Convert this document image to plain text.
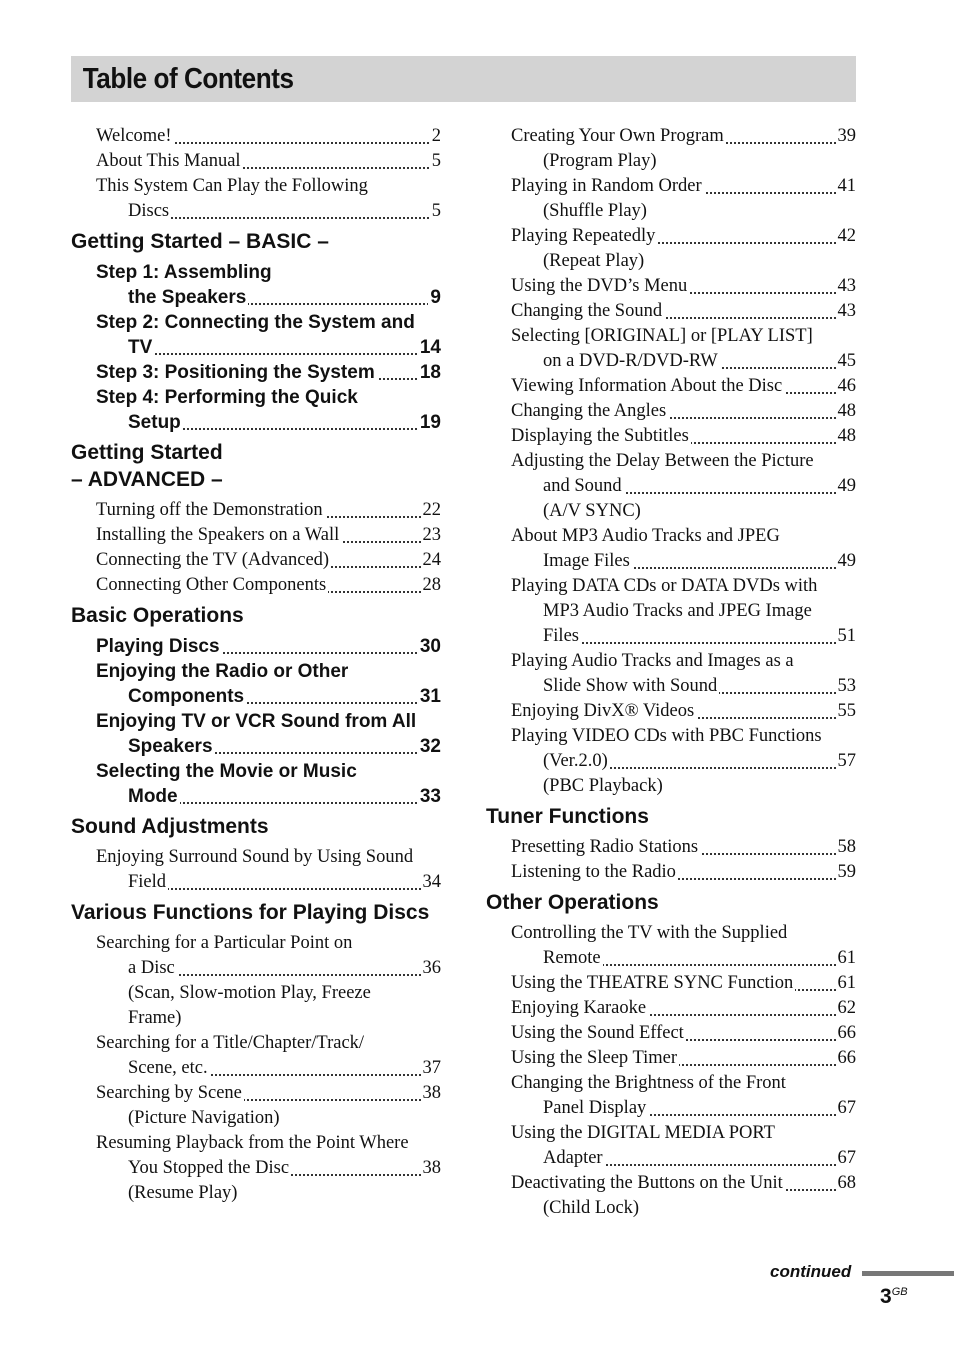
Table of Contents
Welcome!	2
About This Manual	5
This System Can Play the Following
Discs	5
Getting Started – BASIC –
Step 1: Assembling
the Speakers	9
Step 2: Connecting the System and
TV	14
Step 3: Positioning the System 18
Step 4: Performing the Quick
Setup	19
Getting Started
– ADVANCED –
Turning off the Demonstration	22
Installing the Speakers on a Wall	23
Connecting the TV (Advanced)	24
Connecting Other Components	28
Basic Operations
Playing Discs	30
Enjoying the Radio or Other
Components	31
Enjoying TV or VCR Sound from All
Speakers	32
Selecting the Movie or Music
Mode	33
Sound Adjustments
Enjoying Surround Sound by Using Sound
Field	34
Various Functions for Playing Discs
Searching for a Particular Point on
a Disc	36
(Scan, Slow-motion Play, Freeze
Frame)
Searching for a Title/Chapter/Track/
Scene, etc.	37
Searching by Scene	38
(Picture Navigation)
Resuming Playback from the Point Where
You Stopped the Disc	38
(Resume Play)
Creating Your Own Program	39
(Program Play)
Playing in Random Order	41
(Shuffle Play)
Playing Repeatedly	42
(Repeat Play)
Using the DVD’s Menu	43
Changing the Sound	43
Selecting [ORIGINAL] or [PLAY LIST]
on a DVD-R/DVD-RW	45
Viewing Information About the Disc	46
Changing the Angles	48
Displaying the Subtitles	48
Adjusting the Delay Between the Picture
and Sound	49
(A/V SYNC)
About MP3 Audio Tracks and JPEG
Image Files	49
Playing DATA CDs or DATA DVDs with
MP3 Audio Tracks and JPEG Image
Files	51
Playing Audio Tracks and Images as a
Slide Show with Sound	53
Enjoying DivX® Videos	55
Playing VIDEO CDs with PBC Functions
(Ver.2.0)	57
(PBC Playback)
Tuner Functions
Presetting Radio Stations	58
Listening to the Radio	59
Other Operations
Controlling the TV with the Supplied
Remote	61
Using the THEATRE SYNC Function 61
Enjoying Karaoke	62
Using the Sound Effect	66
Using the Sleep Timer	66
Changing the Brightness of the Front
Panel Display	67
Using the DIGITAL MEDIA PORT
Adapter	67
Deactivating the Buttons on the Unit	68
(Child Lock)
continued
$3^{GB}$
